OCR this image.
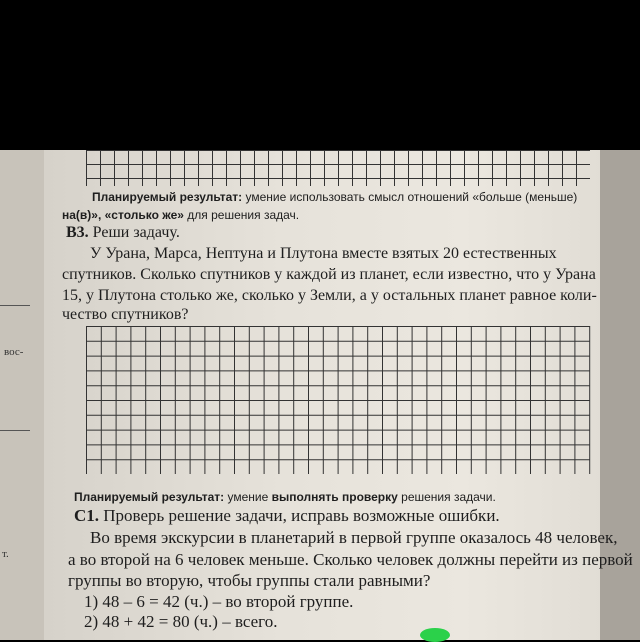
вос-
т.
Планируемый результат: умение использовать смысл отношений «больше (меньше)
на(в)», «столько же» для решения задач.
В3. Реши задачу.
У Урана, Марса, Нептуна и Плутона вместе взятых 20 естественных
спутников. Сколько спутников у каждой из планет, если известно, что у Урана
15, у Плутона столько же, сколько у Земли, а у остальных планет равное коли-
чество спутников?
Планируемый результат: умение выполнять проверку решения задачи.
С1. Проверь решение задачи, исправь возможные ошибки.
Во время экскурсии в планетарий в первой группе оказалось 48 человек,
а во второй на 6 человек меньше. Сколько человек должны перейти из первой
группы во вторую, чтобы группы стали равными?
1) 48 – 6 = 42 (ч.) – во второй группе.
2) 48 + 42 = 80 (ч.) – всего.
